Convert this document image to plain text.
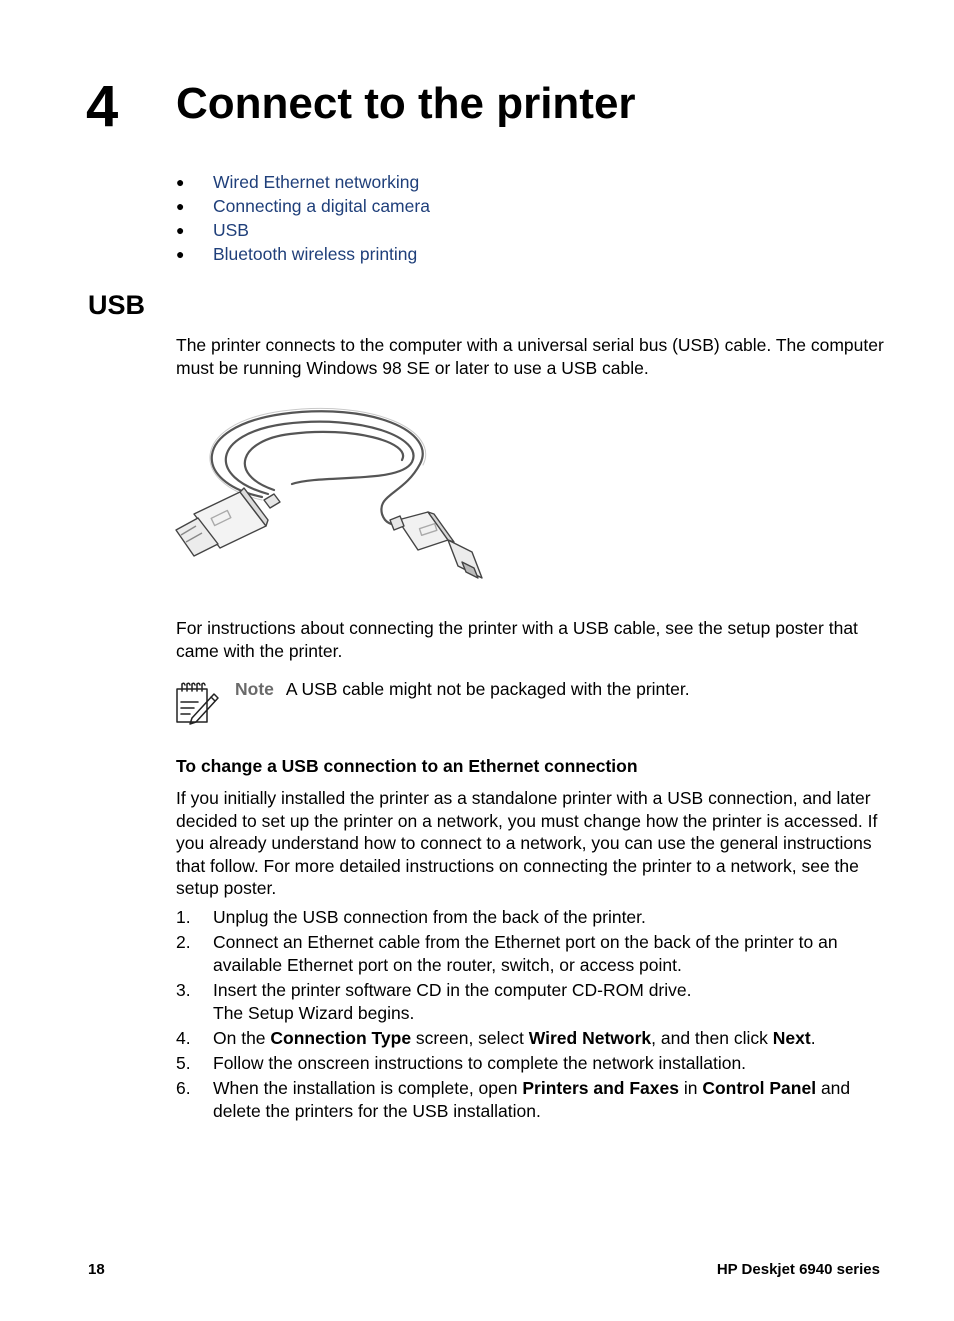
4 Connect to the printer
● Wired Ethernet networking
● Connecting a digital camera
● USB
● Bluetooth wireless printing
USB
The printer connects to the computer with a universal serial bus (USB) cable. The computer must be running Windows 98 SE or later to use a USB cable.
For instructions about connecting the printer with a USB cable, see the setup poster that came with the printer.
Note A USB cable might not be packaged with the printer.
To change a USB connection to an Ethernet connection
If you initially installed the printer as a standalone printer with a USB connection, and later decided to set up the printer on a network, you must change how the printer is accessed. If you already understand how to connect to a network, you can use the general instructions that follow. For more detailed instructions on connecting the printer to a network, see the setup poster.
1. Unplug the USB connection from the back of the printer.
2. Connect an Ethernet cable from the Ethernet port on the back of the printer to an available Ethernet port on the router, switch, or access point.
3. Insert the printer software CD in the computer CD-ROM drive.
The Setup Wizard begins.
4. On the Connection Type screen, select Wired Network, and then click Next.
5. Follow the onscreen instructions to complete the network installation.
6. When the installation is complete, open Printers and Faxes in Control Panel and delete the printers for the USB installation.
18	HP Deskjet 6940 series
